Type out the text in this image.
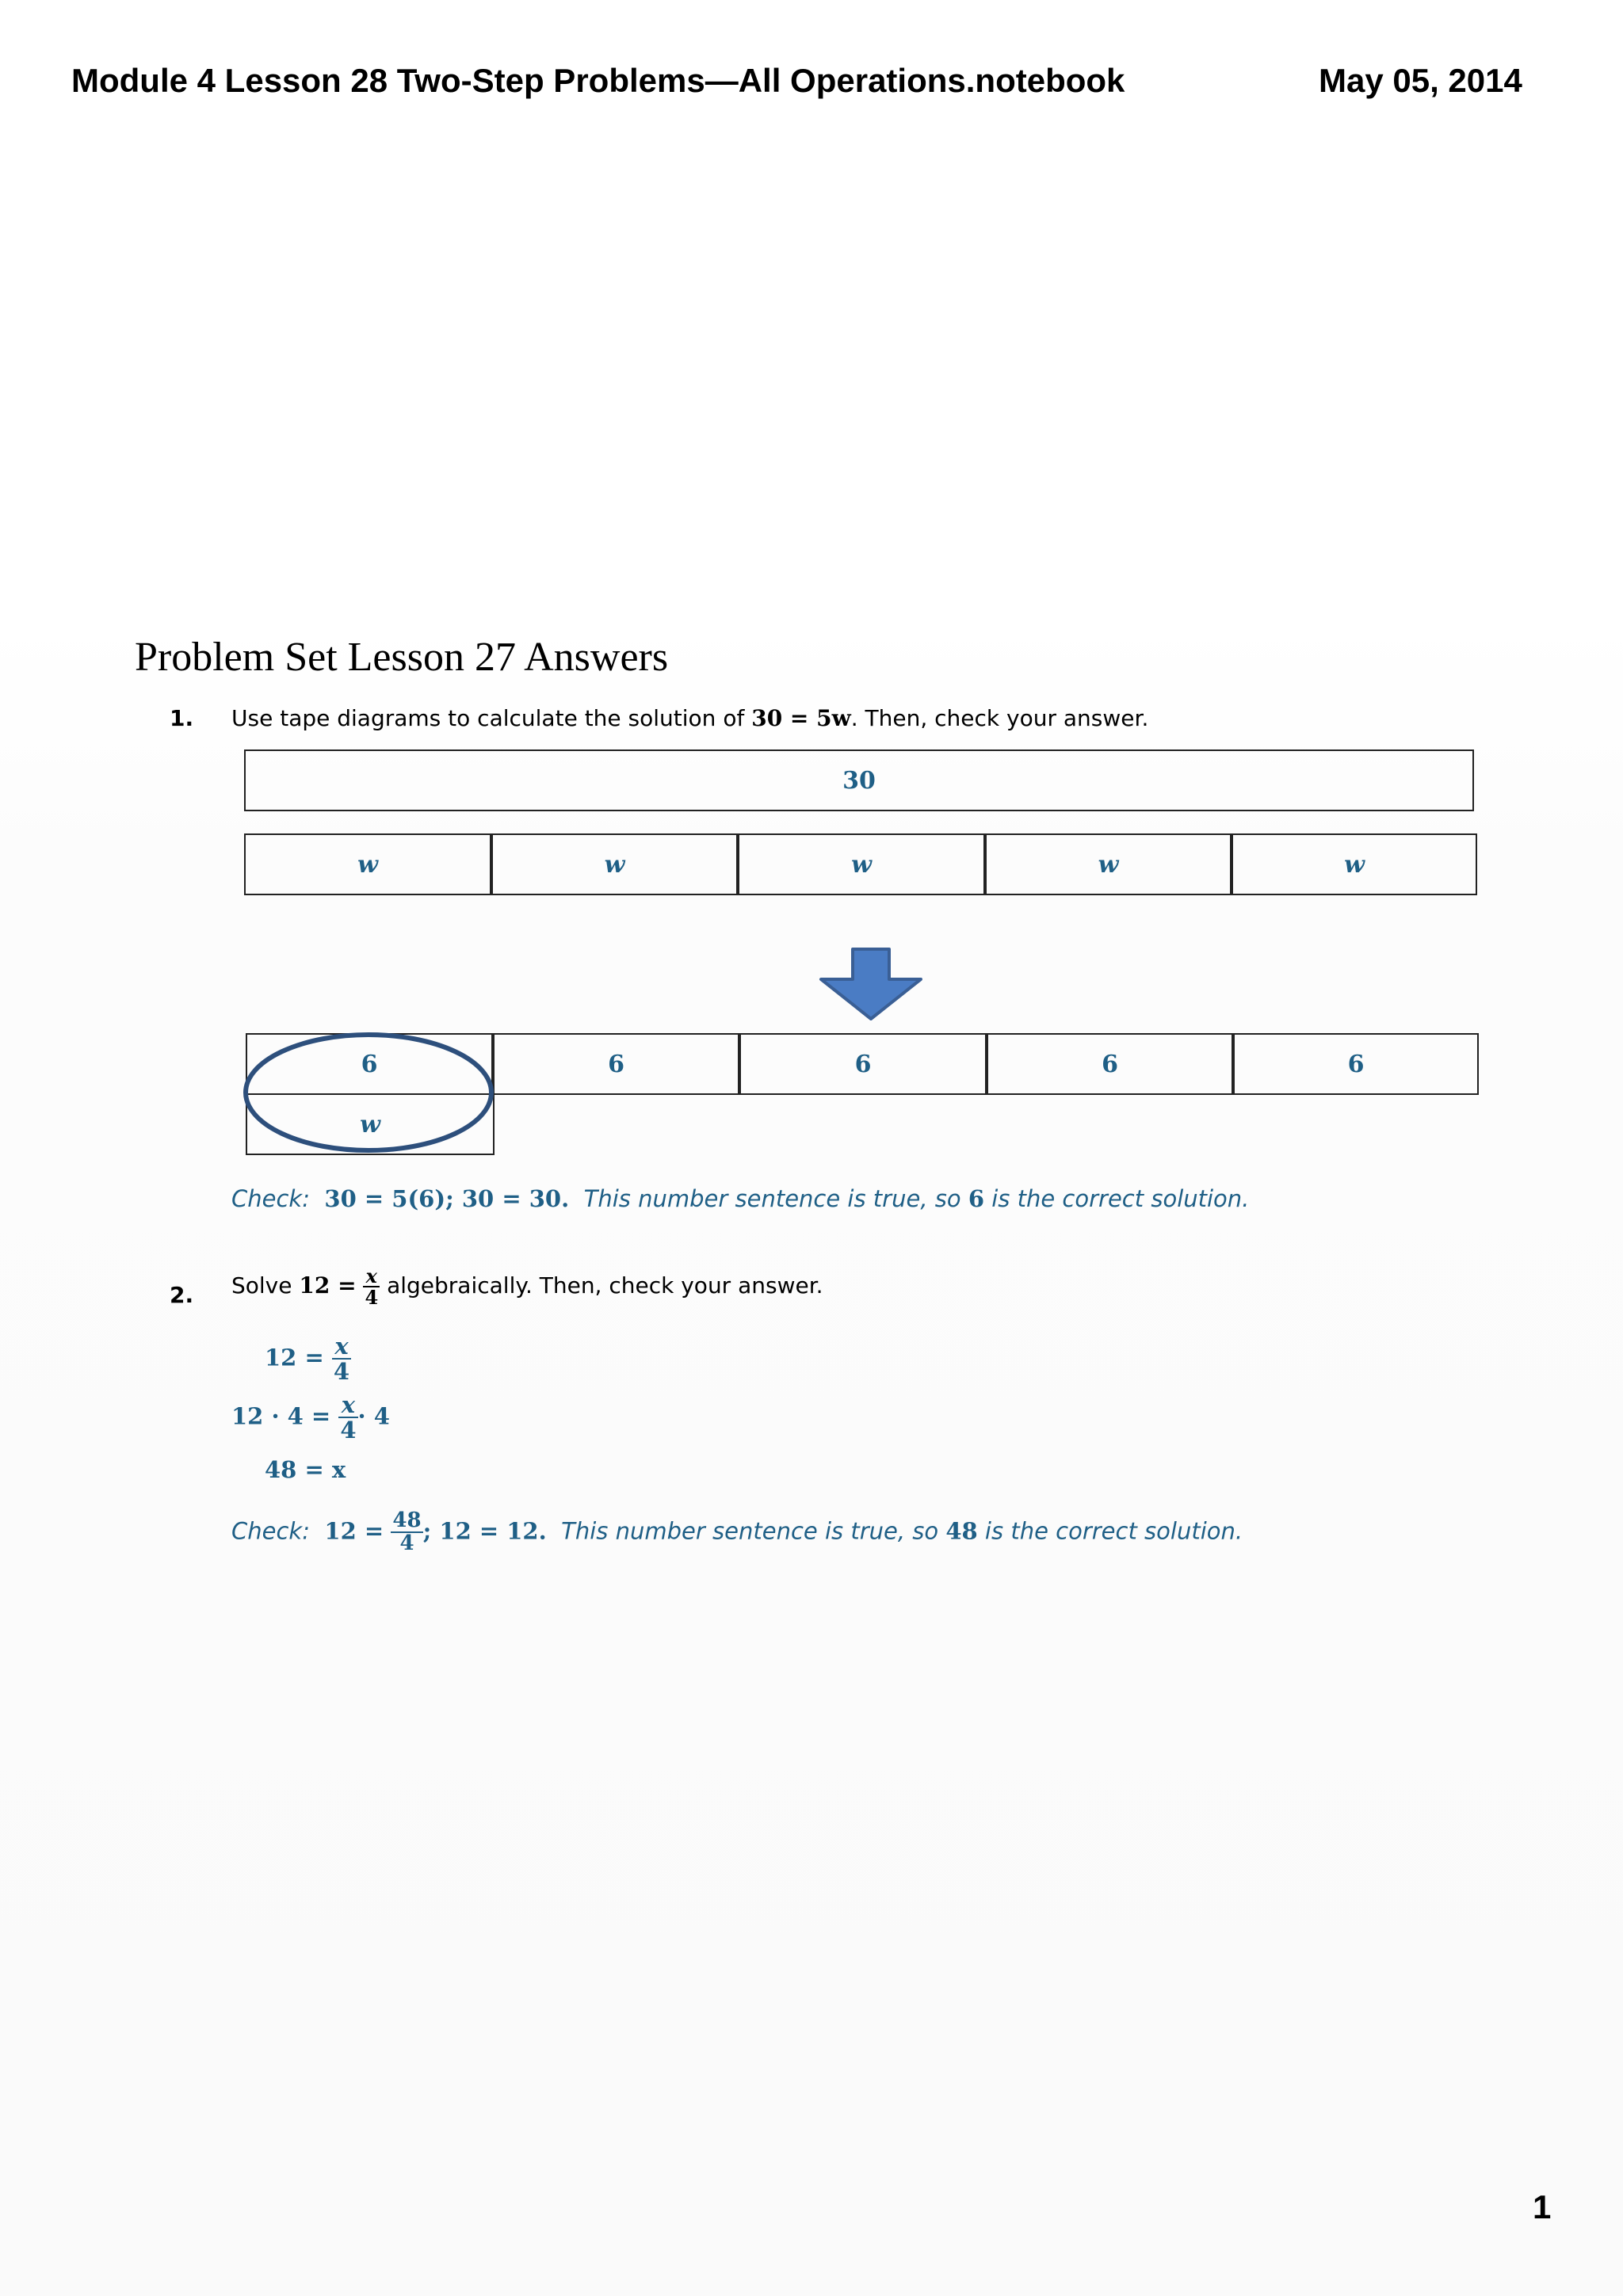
Module 4 Lesson 28 Two-Step Problems—All Operations.notebook	May 05, 2014
Problem Set Lesson 27 Answers
1. Use tape diagrams to calculate the solution of 30 = 5w. Then, check your answer.
30
w	w	w	w	w
6	6	6	6	6
w
Check: 30 = 5(6); 30 = 30. This number sentence is true, so 6 is the correct solution.
2. Solve $12 = \frac{x}{4}$ algebraically. Then, check your answer.
$12 = \frac{x}{4}$
$12 \cdot 4 = \frac{x}{4} \cdot 4$
48 = x
Check: $12 = \frac{48}{4}$ ; 12 = 12. This number sentence is true, so 48 is the correct solution.
1
